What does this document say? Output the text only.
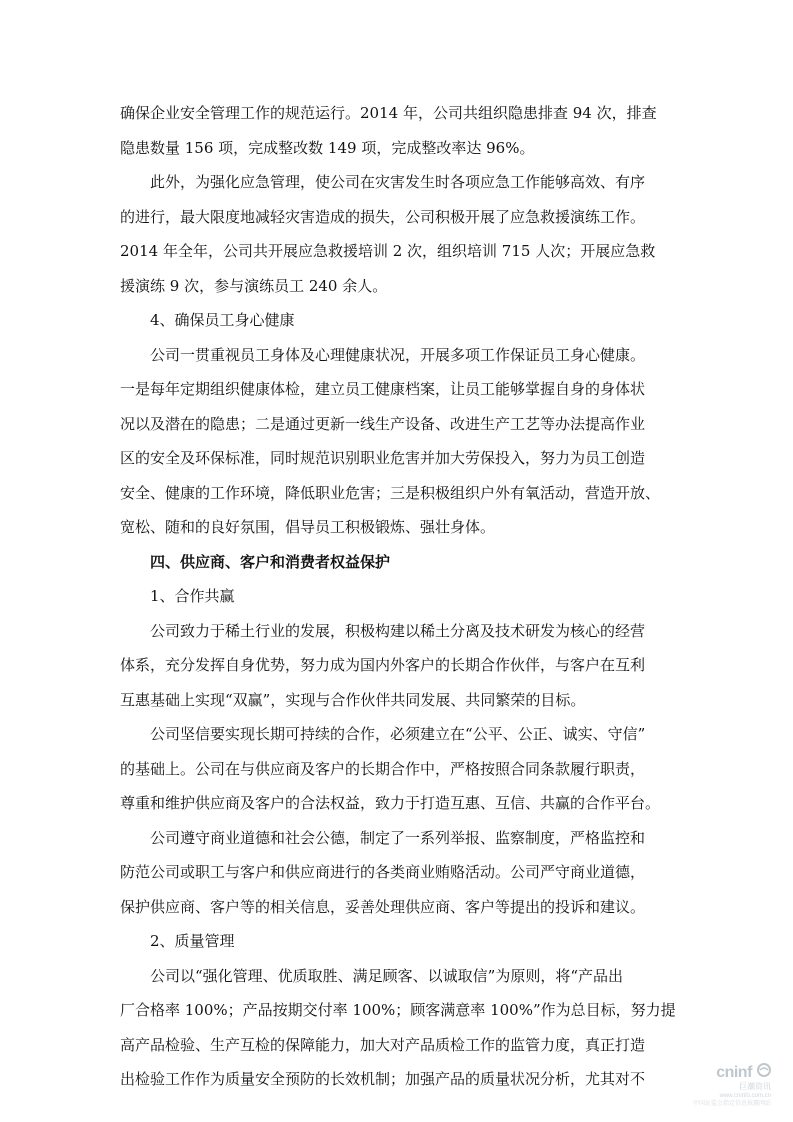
确保企业安全管理工作的规范运行。2014 年，公司共组织隐患排查 94 次，排查
隐患数量 156 项，完成整改数 149 项，完成整改率达 96%。
此外，为强化应急管理，使公司在灾害发生时各项应急工作能够高效、有序
的进行，最大限度地减轻灾害造成的损失，公司积极开展了应急救援演练工作。
2014 年全年，公司共开展应急救援培训 2 次，组织培训 715 人次；开展应急救
援演练 9 次，参与演练员工 240 余人。
4、确保员工身心健康
公司一贯重视员工身体及心理健康状况，开展多项工作保证员工身心健康。
一是每年定期组织健康体检，建立员工健康档案，让员工能够掌握自身的身体状
况以及潜在的隐患；二是通过更新一线生产设备、改进生产工艺等办法提高作业
区的安全及环保标准，同时规范识别职业危害并加大劳保投入，努力为员工创造
安全、健康的工作环境，降低职业危害；三是积极组织户外有氧活动，营造开放、
宽松、随和的良好氛围，倡导员工积极锻炼、强壮身体。
四、供应商、客户和消费者权益保护
1、合作共赢
公司致力于稀土行业的发展，积极构建以稀土分离及技术研发为核心的经营
体系，充分发挥自身优势，努力成为国内外客户的长期合作伙伴，与客户在互利
互惠基础上实现“双赢”，实现与合作伙伴共同发展、共同繁荣的目标。
公司坚信要实现长期可持续的合作，必须建立在“公平、公正、诚实、守信”
的基础上。公司在与供应商及客户的长期合作中，严格按照合同条款履行职责，
尊重和维护供应商及客户的合法权益，致力于打造互惠、互信、共赢的合作平台。
公司遵守商业道德和社会公德，制定了一系列举报、监察制度，严格监控和
防范公司或职工与客户和供应商进行的各类商业贿赂活动。公司严守商业道德，
保护供应商、客户等的相关信息，妥善处理供应商、客户等提出的投诉和建议。
2、质量管理
公司以“强化管理、优质取胜、满足顾客、以诚取信”为原则，将“产品出
厂合格率 100%；产品按期交付率 100%；顾客满意率 100%”作为总目标，努力提
高产品检验、生产互检的保障能力，加大对产品质检工作的监管力度，真正打造
出检验工作作为质量安全预防的长效机制；加强产品的质量状况分析，尤其对不	cninf
巨潮资讯
www.cninfo.com.cn
中国证监会指定信息披露网站
